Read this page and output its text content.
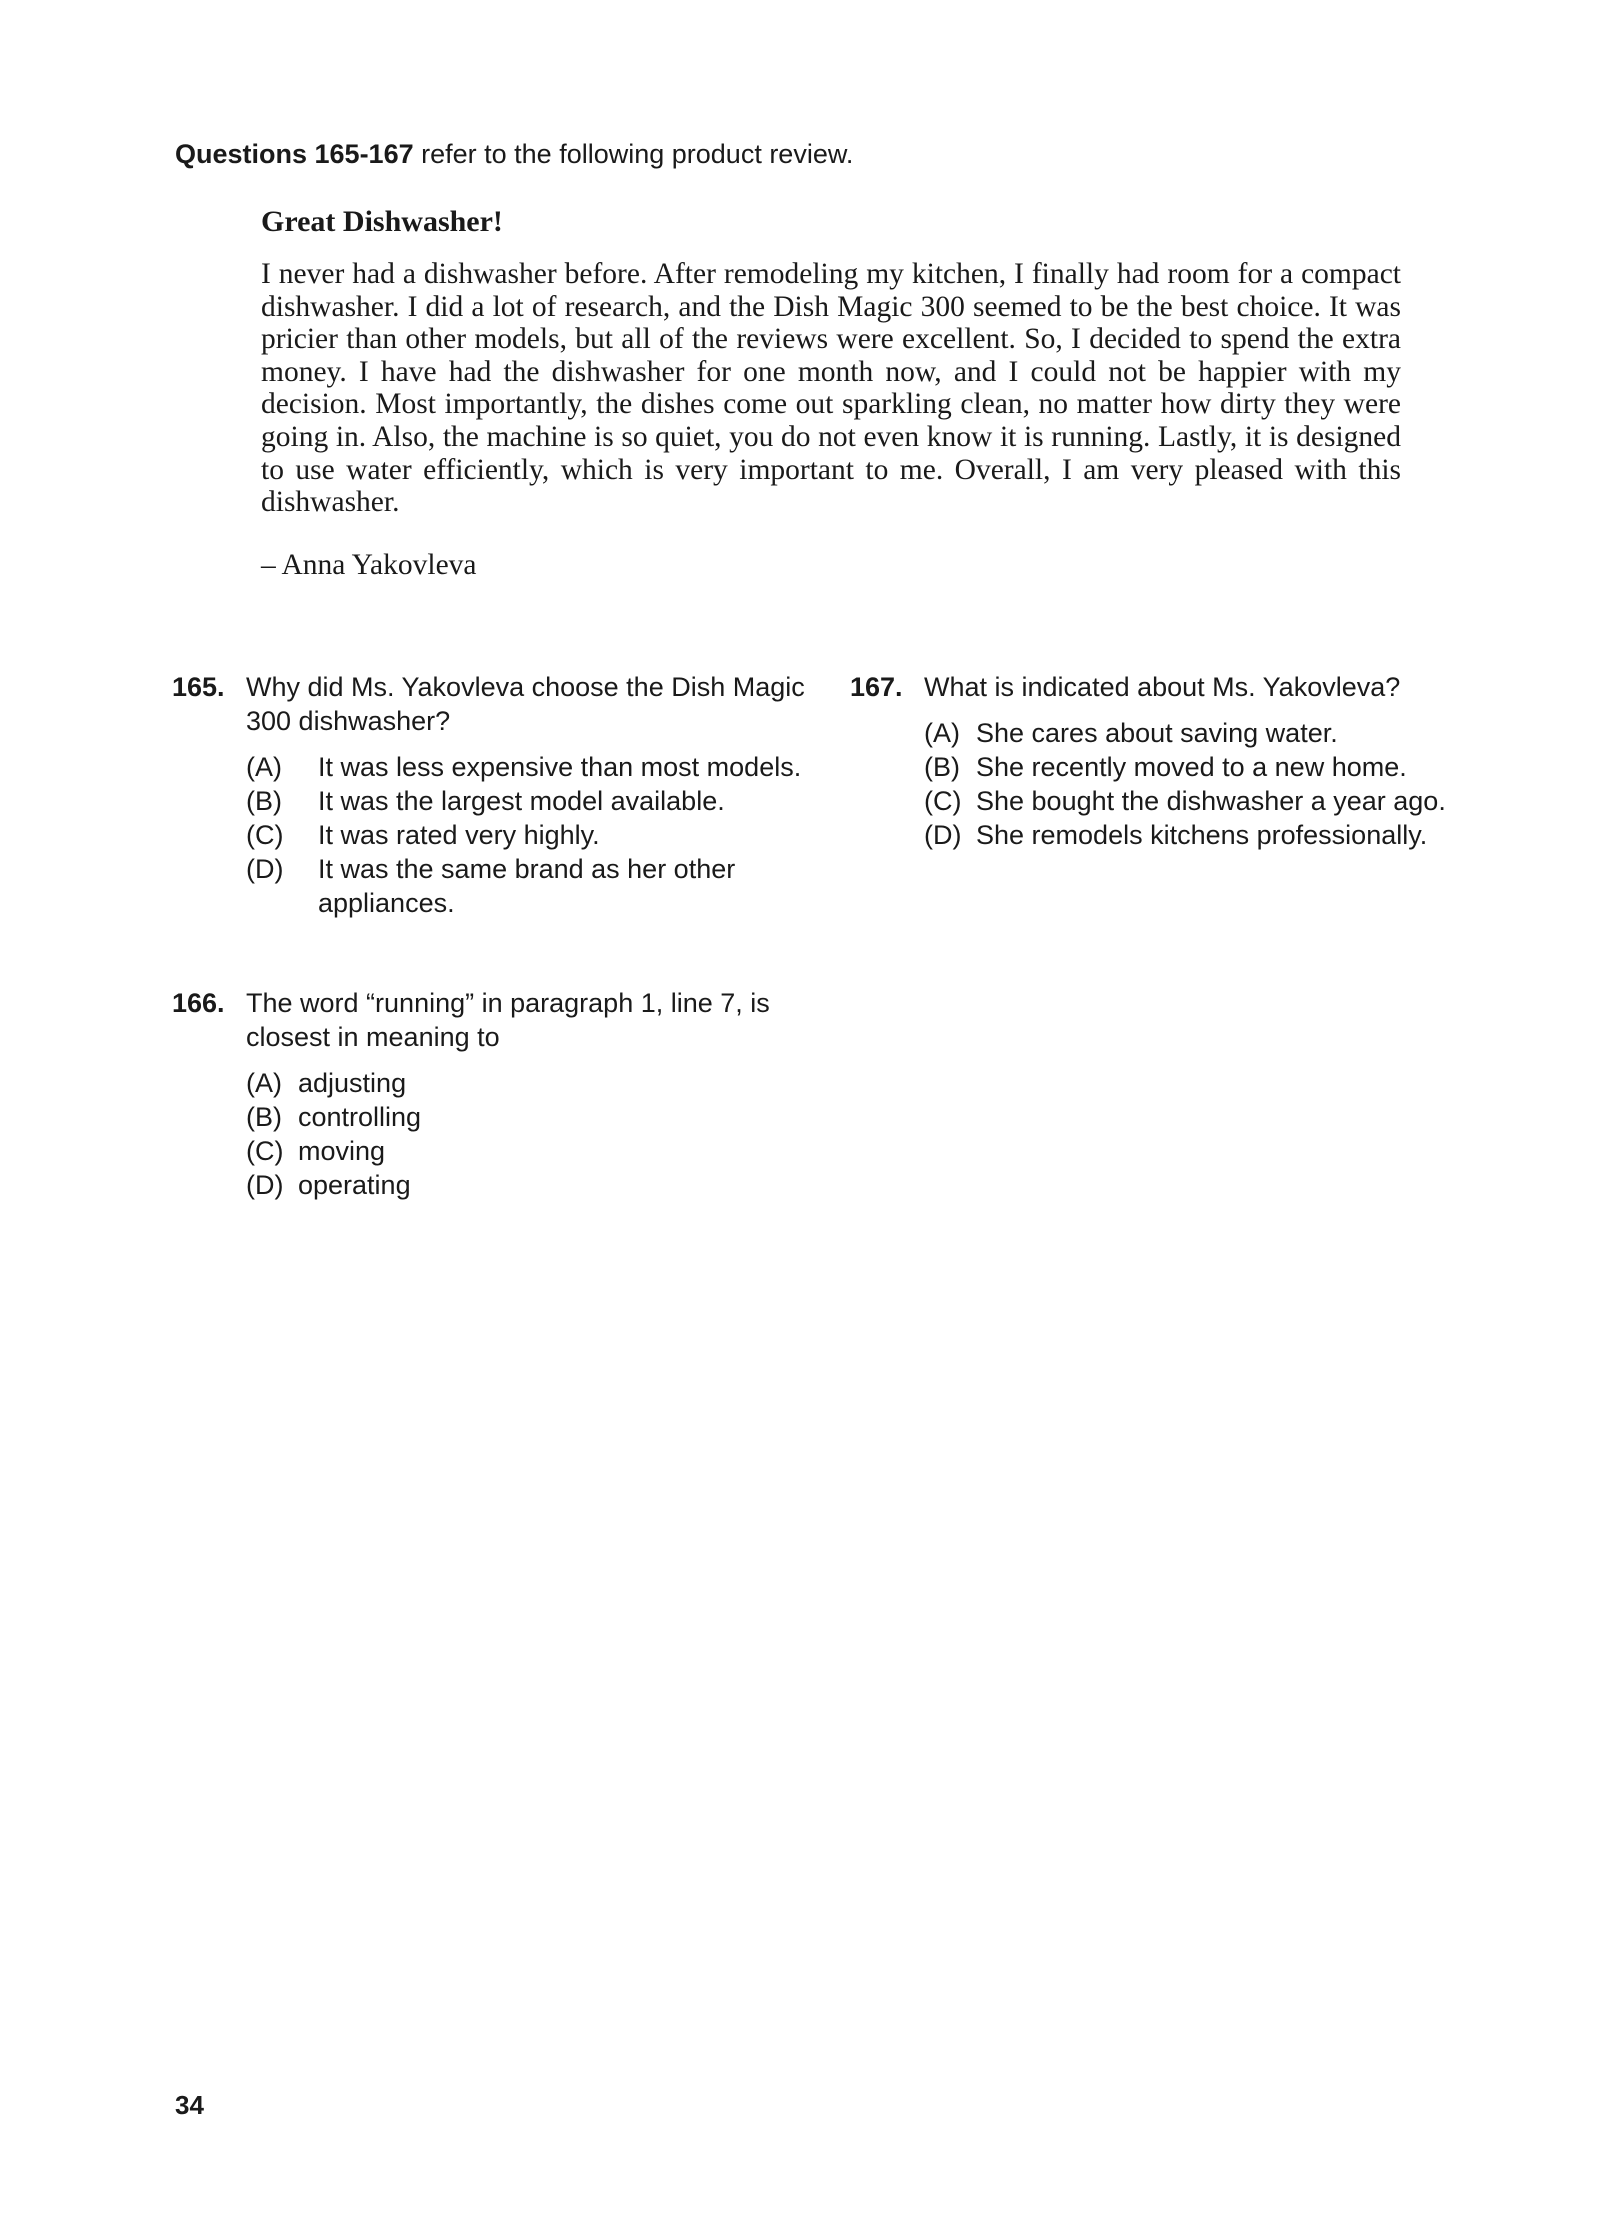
Questions 165-167 refer to the following product review.
Great Dishwasher!

I never had a dishwasher before. After remodeling my kitchen, I finally had room for a compact dishwasher. I did a lot of research, and the Dish Magic 300 seemed to be the best choice. It was pricier than other models, but all of the reviews were excellent. So, I decided to spend the extra money. I have had the dishwasher for one month now, and I could not be happier with my decision. Most importantly, the dishes come out sparkling clean, no matter how dirty they were going in. Also, the machine is so quiet, you do not even know it is running. Lastly, it is designed to use water efficiently, which is very important to me. Overall, I am very pleased with this dishwasher.

– Anna Yakovleva
165. Why did Ms. Yakovleva choose the Dish Magic 300 dishwasher?
(A)	It was less expensive than most models.
(B)	It was the largest model available.
(C)	It was rated very highly.
(D)	It was the same brand as her other appliances.
166. The word “running” in paragraph 1, line 7, is closest in meaning to
(A) adjusting
(B) controlling
(C) moving
(D) operating
167. What is indicated about Ms. Yakovleva?
(A) She cares about saving water.
(B) She recently moved to a new home.
(C) She bought the dishwasher a year ago.
(D) She remodels kitchens professionally.
34
